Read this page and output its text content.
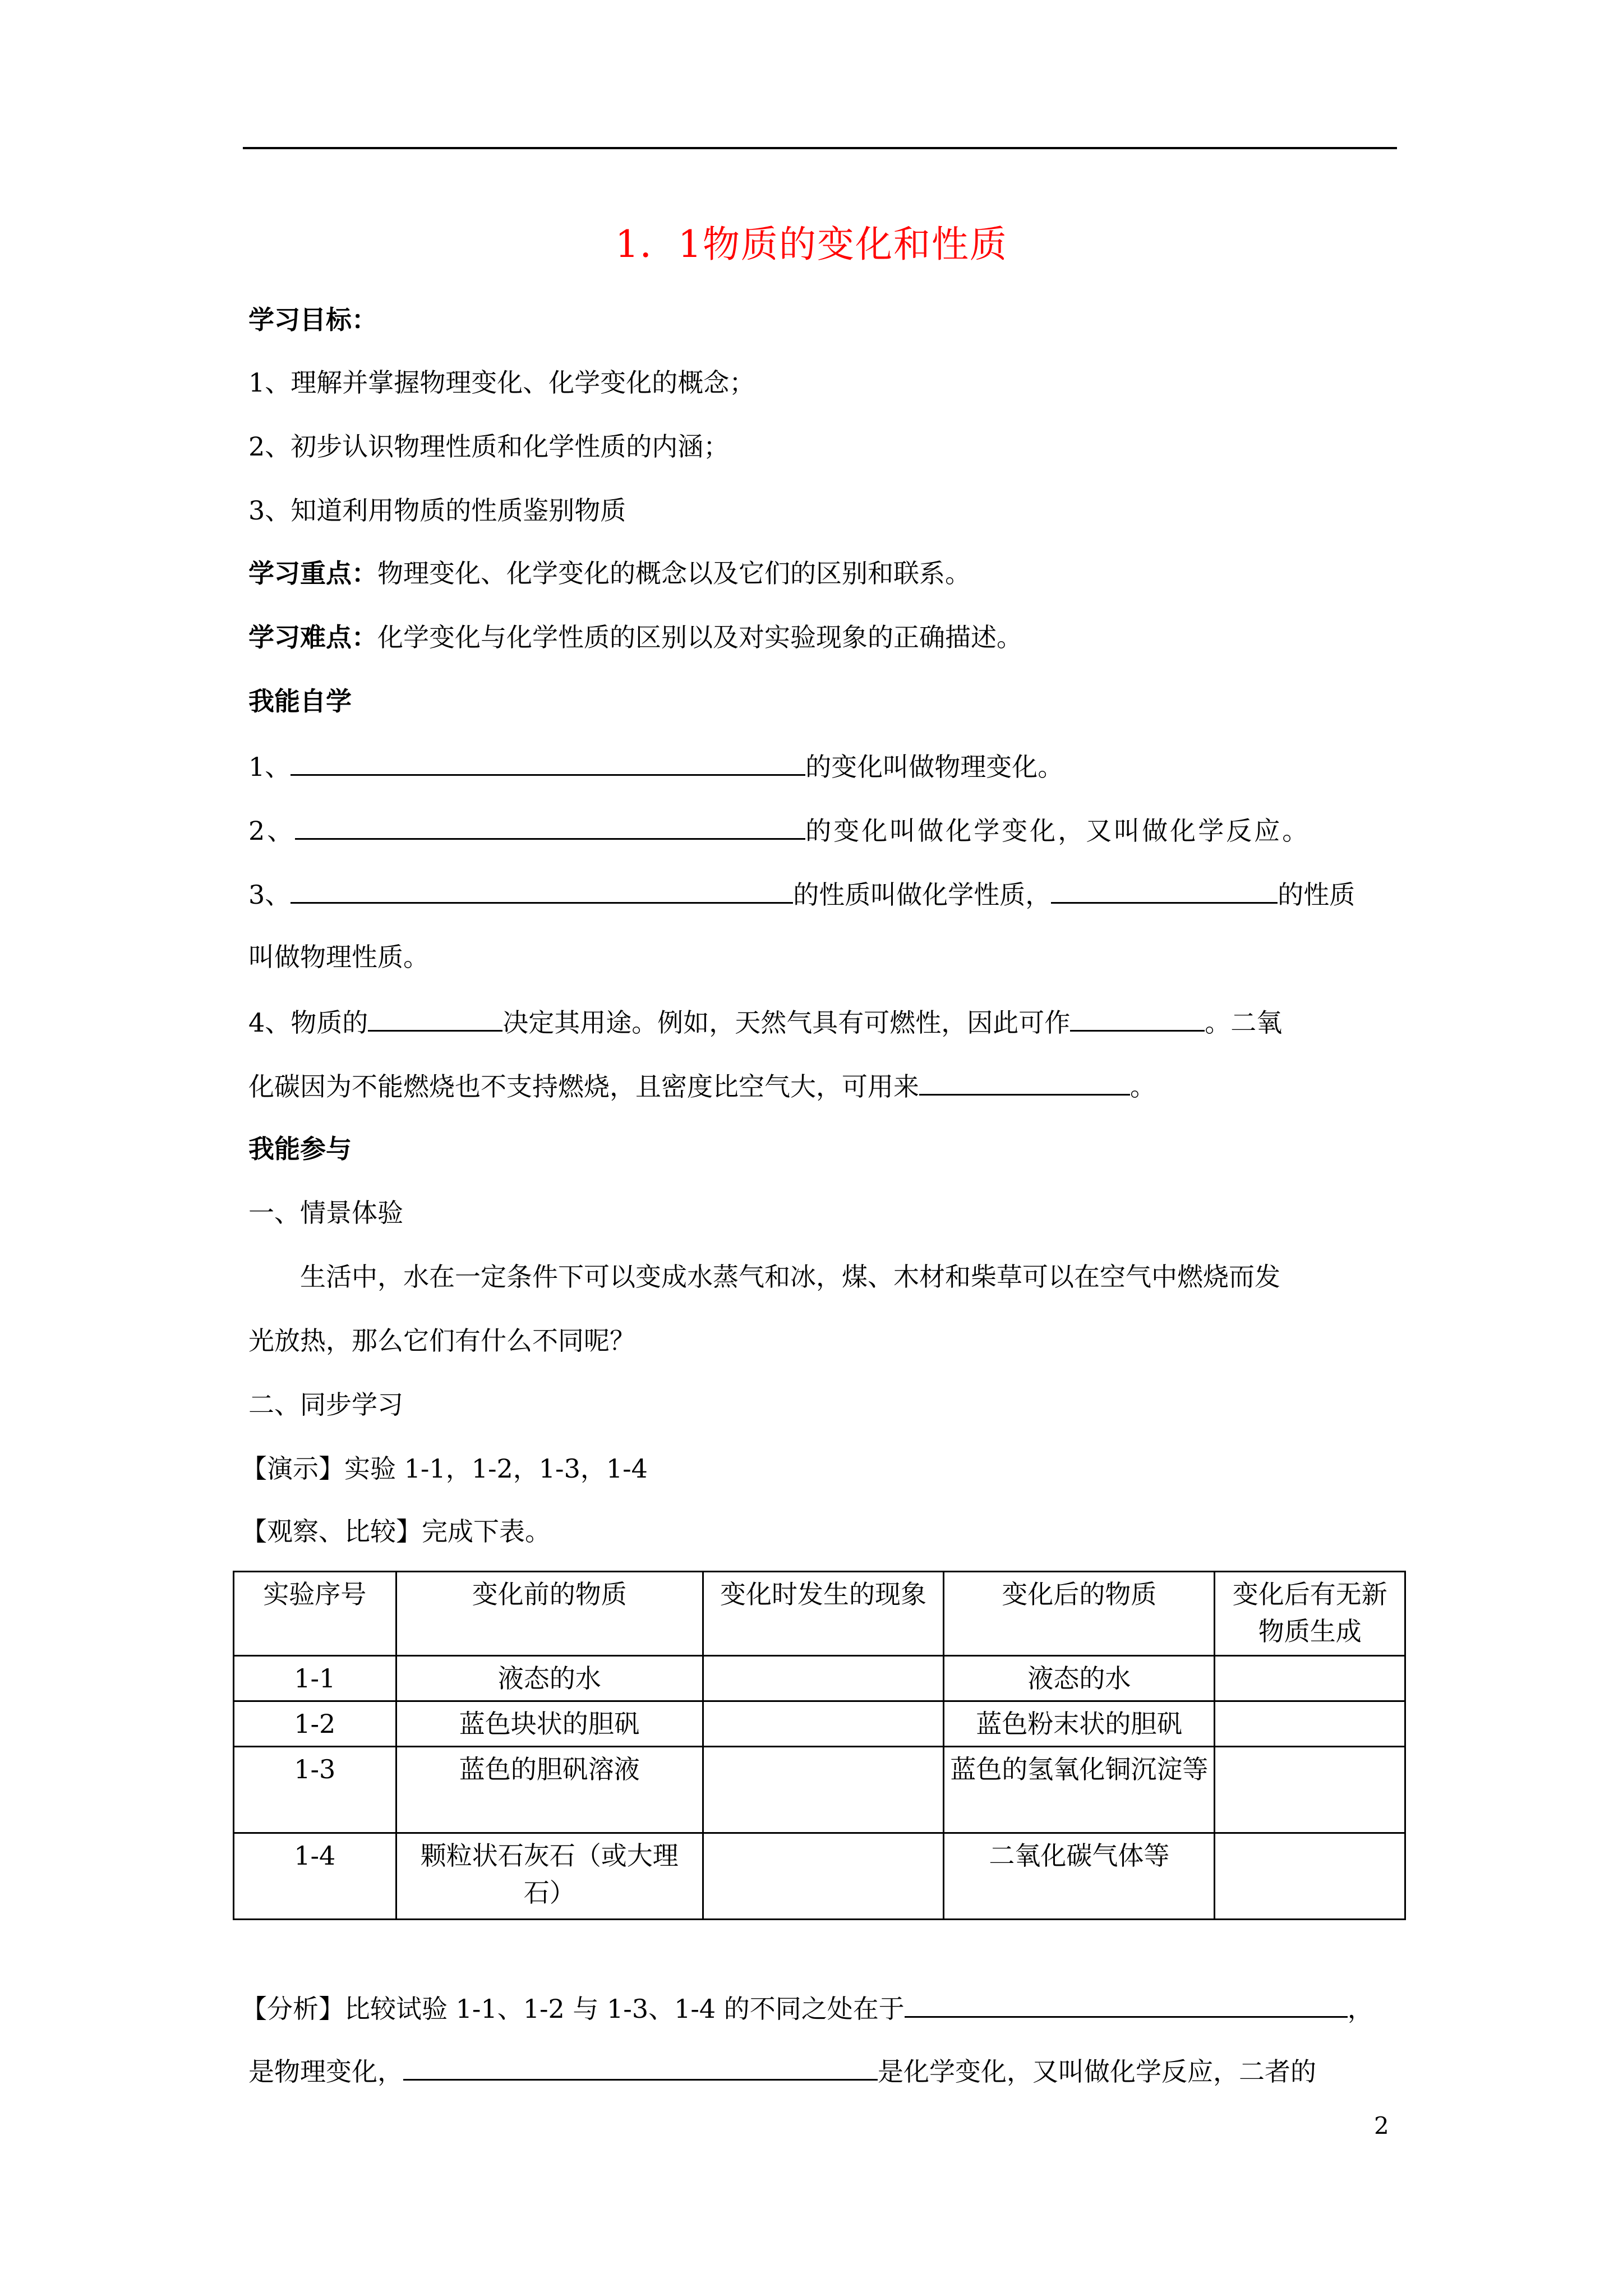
1．1物质的变化和性质
学习目标：
1、理解并掌握物理变化、化学变化的概念；
2、初步认识物理性质和化学性质的内涵；
3、知道利用物质的性质鉴别物质
学习重点：物理变化、化学变化的概念以及它们的区别和联系。
学习难点：化学变化与化学性质的区别以及对实验现象的正确描述。
我能自学
1、	的变化叫做物理变化。
2、	的变化叫做化学变化，又叫做化学反应。
3、	的性质叫做化学性质，	的性质
叫做物理性质。
4、物质的	决定其用途。例如，天然气具有可燃性，因此可作	。二氧
化碳因为不能燃烧也不支持燃烧，且密度比空气大，可用来	。
我能参与
一、情景体验
生活中，水在一定条件下可以变成水蒸气和冰，煤、木材和柴草可以在空气中燃烧而发
光放热，那么它们有什么不同呢？
二、同步学习
【演示】实验 1-1，1-2，1-3，1-4
【观察、比较】完成下表。
实验序号	变化前的物质	变化时发生的现象	变化后的物质	变化后有无新物质生成
1-1	液态的水		液态的水	
1-2	蓝色块状的胆矾		蓝色粉末状的胆矾	
1-3	蓝色的胆矾溶液		蓝色的氢氧化铜沉淀等	
1-4	颗粒状石灰石（或大理石）		二氧化碳气体等	
【分析】比较试验 1-1、1-2 与 1-3、1-4 的不同之处在于	，
是物理变化，	是化学变化，又叫做化学反应，二者的
2
